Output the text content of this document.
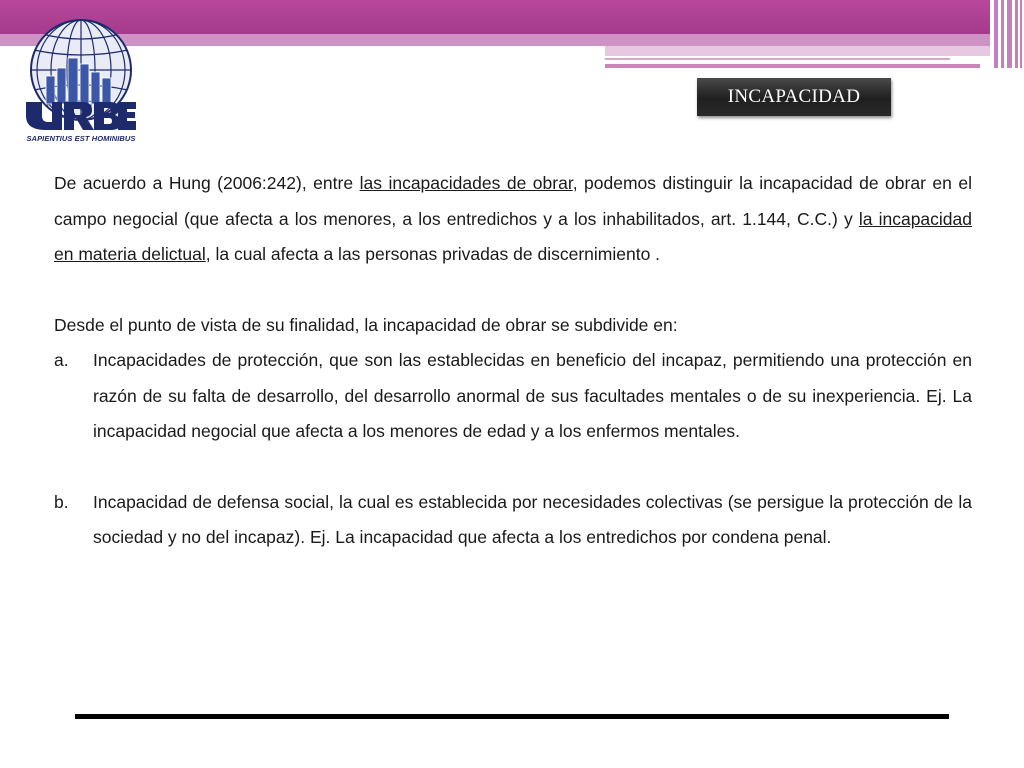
SAPIENTIUS EST HOMINIBUS
INCAPACIDAD

De acuerdo a Hung (2006:242), entre las incapacidades de obrar, podemos distinguir la incapacidad de obrar en el campo negocial (que afecta a los menores, a los entredichos y a los inhabilitados, art. 1.144, C.C.) y la incapacidad en materia delictual, la cual afecta a las personas privadas de discernimiento .

Desde el punto de vista de su finalidad, la incapacidad de obrar se subdivide en:

a.	Incapacidades de protección, que son las establecidas en beneficio del incapaz, permitiendo una protección en razón de su falta de desarrollo, del desarrollo anormal de sus facultades mentales o de su inexperiencia. Ej. La incapacidad negocial que afecta a los menores de edad y a los enfermos mentales.
b.	Incapacidad de defensa social, la cual es establecida por necesidades colectivas (se persigue la protección de la sociedad y no del incapaz). Ej. La incapacidad que afecta a los entredichos por condena penal.
